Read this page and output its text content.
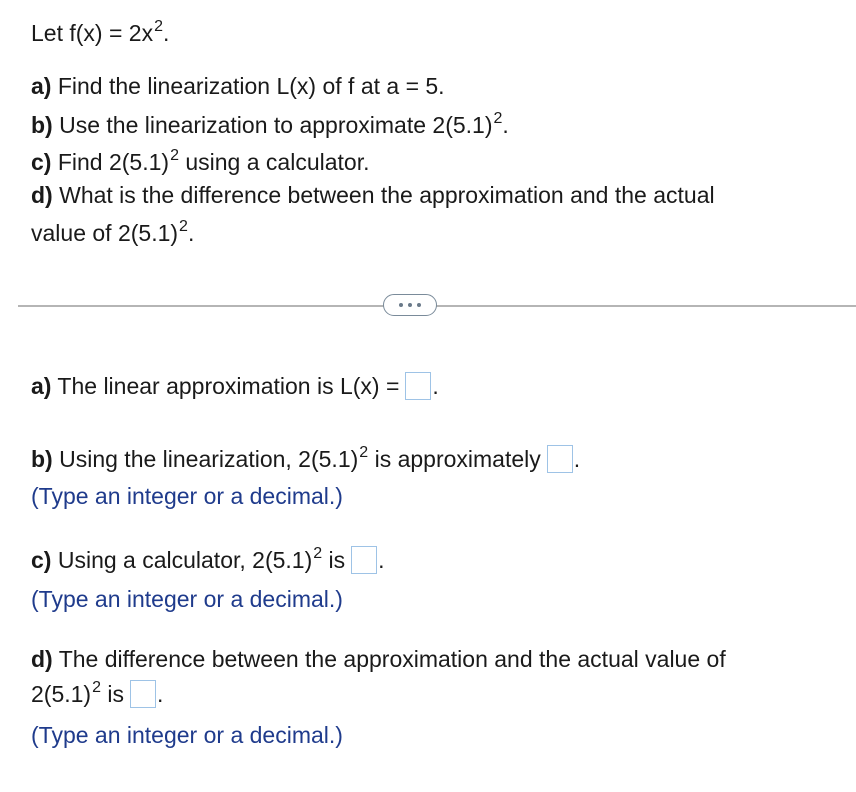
Let $f(x) = 2x^2$.
a) Find the linearization L(x) of f at a = 5.
b) Use the linearization to approximate $2(5.1)^2$.
c) Find $2(5.1)^2$ using a calculator.
d) What is the difference between the approximation and the actual
value of $2(5.1)^2$.
a) The linear approximation is L(x) = .
b) Using the linearization, $2(5.1)^2$ is approximately .
(Type an integer or a decimal.)
c) Using a calculator, $2(5.1)^2$ is .
(Type an integer or a decimal.)
d) The difference between the approximation and the actual value of
$2(5.1)^2$ is .
(Type an integer or a decimal.)
